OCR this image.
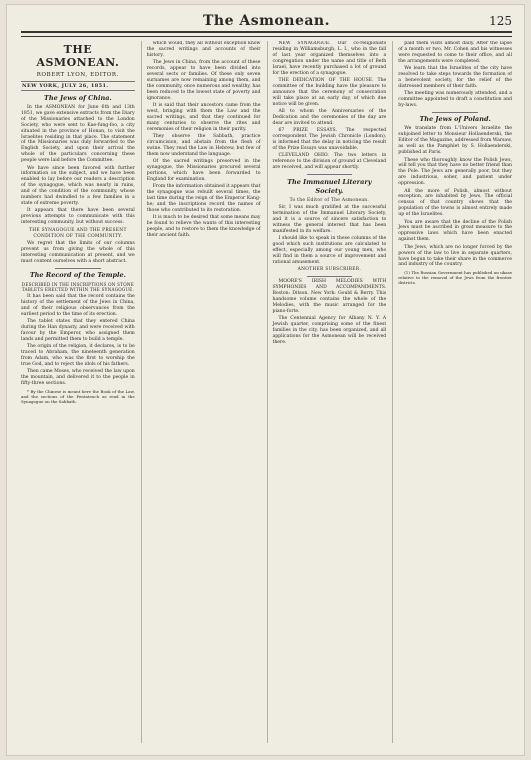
The Asmonean.	125
THE ASMONEAN.
ROBERT LYON, EDITOR.
NEW YORK, JULY 26, 1851.
The Jews of China.

In the ASMONEAN for June 6th and 13th 1851, we gave extensive extracts from the Diary of the Missionaries attached to the London Society, who were sent to Kae-fung-foo, a city situated in the province of Honan, to visit the Israelites residing in that place. The statement of the Missionaries was duly forwarded to the English Society, and upon their arrival the whole of the particulars concerning these people were laid before the Committee.

We have since been favored with further information on the subject, and we have been enabled to lay before our readers a description of the synagogue, which was nearly in ruins, and of the condition of the community, whose numbers had dwindled to a few families in a state of extreme poverty.

It appears that there have been several previous attempts to communicate with this interesting community, but without success.

THE SYNAGOGUE AND THE PRESENT CONDITION OF THE COMMUNITY.

We regret that the limits of our columns prevent us from giving the whole of this interesting communication at present, and we must content ourselves with a short abstract.

The Record of the Temple.
DESCRIBED IN THE INSCRIPTIONS ON STONE TABLETS ERECTED WITHIN THE SYNAGOGUE.

It has been said that the record contains the history of the settlement of the Jews in China, and of their religious observances from the earliest period to the time of its erection.

The tablet states that they entered China during the Han dynasty, and were received with favour by the Emperor, who assigned them lands and permitted them to build a temple.

The origin of the religion, it declares, is to be traced to Abraham, the nineteenth generation from Adam, who was the first to worship the true God, and to reject the idols of his fathers.

Then came Moses, who received the law upon the mountain, and delivered it to the people in fifty-three sections.

* By the Chinese is meant here the Book of the Law, and the sections of the Pentateuch as read in the Synagogue on the Sabbath.

which would, they all without exception know the sacred writings and accounts of their history.

The Jews in China, from the account of these records, appear to have been divided into several sects or families. Of these only seven surnames are now remaining among them, and the community, once numerous and wealthy, has been reduced to the lowest state of poverty and ignorance.

It is said that their ancestors came from the west, bringing with them the Law and the sacred writings, and that they continued for many centuries to observe the rites and ceremonies of their religion in their purity.

They observe the Sabbath, practice circumcision, and abstain from the flesh of swine. They read the Law in Hebrew, but few of them now understand the language.

Of the sacred writings preserved in the synagogue, the Missionaries procured several portions, which have been forwarded to England for examination.

From the information obtained it appears that the synagogue was rebuilt several times, the last time during the reign of the Emperor Kang-he; and the inscriptions record the names of those who contributed to its restoration.

It is much to be desired that some means may be found to relieve the wants of this interesting people, and to restore to them the knowledge of their ancient faith.

NEW SYNAGOGUE. Our co-religionists residing in Williamsburgh, L. I., who in the fall of last year organized themselves into a congregation under the name and title of Beth Israel, have recently purchased a lot of ground for the erection of a synagogue.

THE DEDICATION OF THE HOUSE. The committee of the building have the pleasure to announce that the ceremony of consecration will take place at an early day, of which due notice will be given.

All to whom the Anniversaries of the Dedication and the ceremonies of the day are dear are invited to attend.

67 PRIZE ESSAYS. The respected correspondent The Jewish Chronicle (London), is informed that the delay in noticing the result of the Prize Essays was unavoidable.

CLEVELAND OHIO. The two letters in reference to the division of ground at Cleveland are received, and will appear shortly.

The Immanuel Literary Society.

To the Editor of The Asmonean.

Sir, I was much gratified at the successful termination of the Immanuel Literary Society, and it is a source of sincere satisfaction to witness the general interest that has been manifested in its welfare.

I should like to speak in these columns of the good which such institutions are calculated to effect, especially among our young men, who will find in them a source of improvement and rational amusement.

ANOTHER SUBSCRIBER.

MOORE'S IRISH MELODIES WITH SYMPHONIES AND ACCOMPANIMENTS. Boston: Ditson. New York: Gould & Berry. This handsome volume contains the whole of the Melodies, with the music arranged for the piano-forte.

The Centennial Agency for Albany N. Y. A Jewish quarter, comprising some of the finest families in the city, has been organized, and all applications for the Asmonean will be received there.

paid them visits almost daily. After the lapse of a month or two, Mr. Cohen and his witnesses were requested to come to their office, and all the arrangements were completed.

We learn that the Israelites of the city have resolved to take steps towards the formation of a benevolent society, for the relief of the distressed members of their faith.

The meeting was numerously attended, and a committee appointed to draft a constitution and by-laws.

The Jews of Poland.

We translate from L'Univers Israelite the subjoined letter to Monsieur Hollaenderski, the Editor of the Magazine, addressed from Warsaw, as well as the Pamphlet by S. Hollaenderski, published at Paris.

These who thoroughly know the Polish Jews, will tell you that they have no better friend than the Pole. The Jews are generally poor, but they are industrious, sober, and patient under oppression.

All the more of Polish, almost without exception, are inhabited by Jews. The official census of that country shows that the population of the towns is almost entirely made up of the Israelites.

You are aware that the decline of the Polish Jews must be ascribed in great measure to the oppressive laws which have been enacted against them.

The Jews, which are no longer forced by the powers of the law to live in separate quarters, have begun to take their share in the commerce and industry of the country.

(1) The Russian Government has published an ukase relative to the removal of the Jews from the frontier districts.
